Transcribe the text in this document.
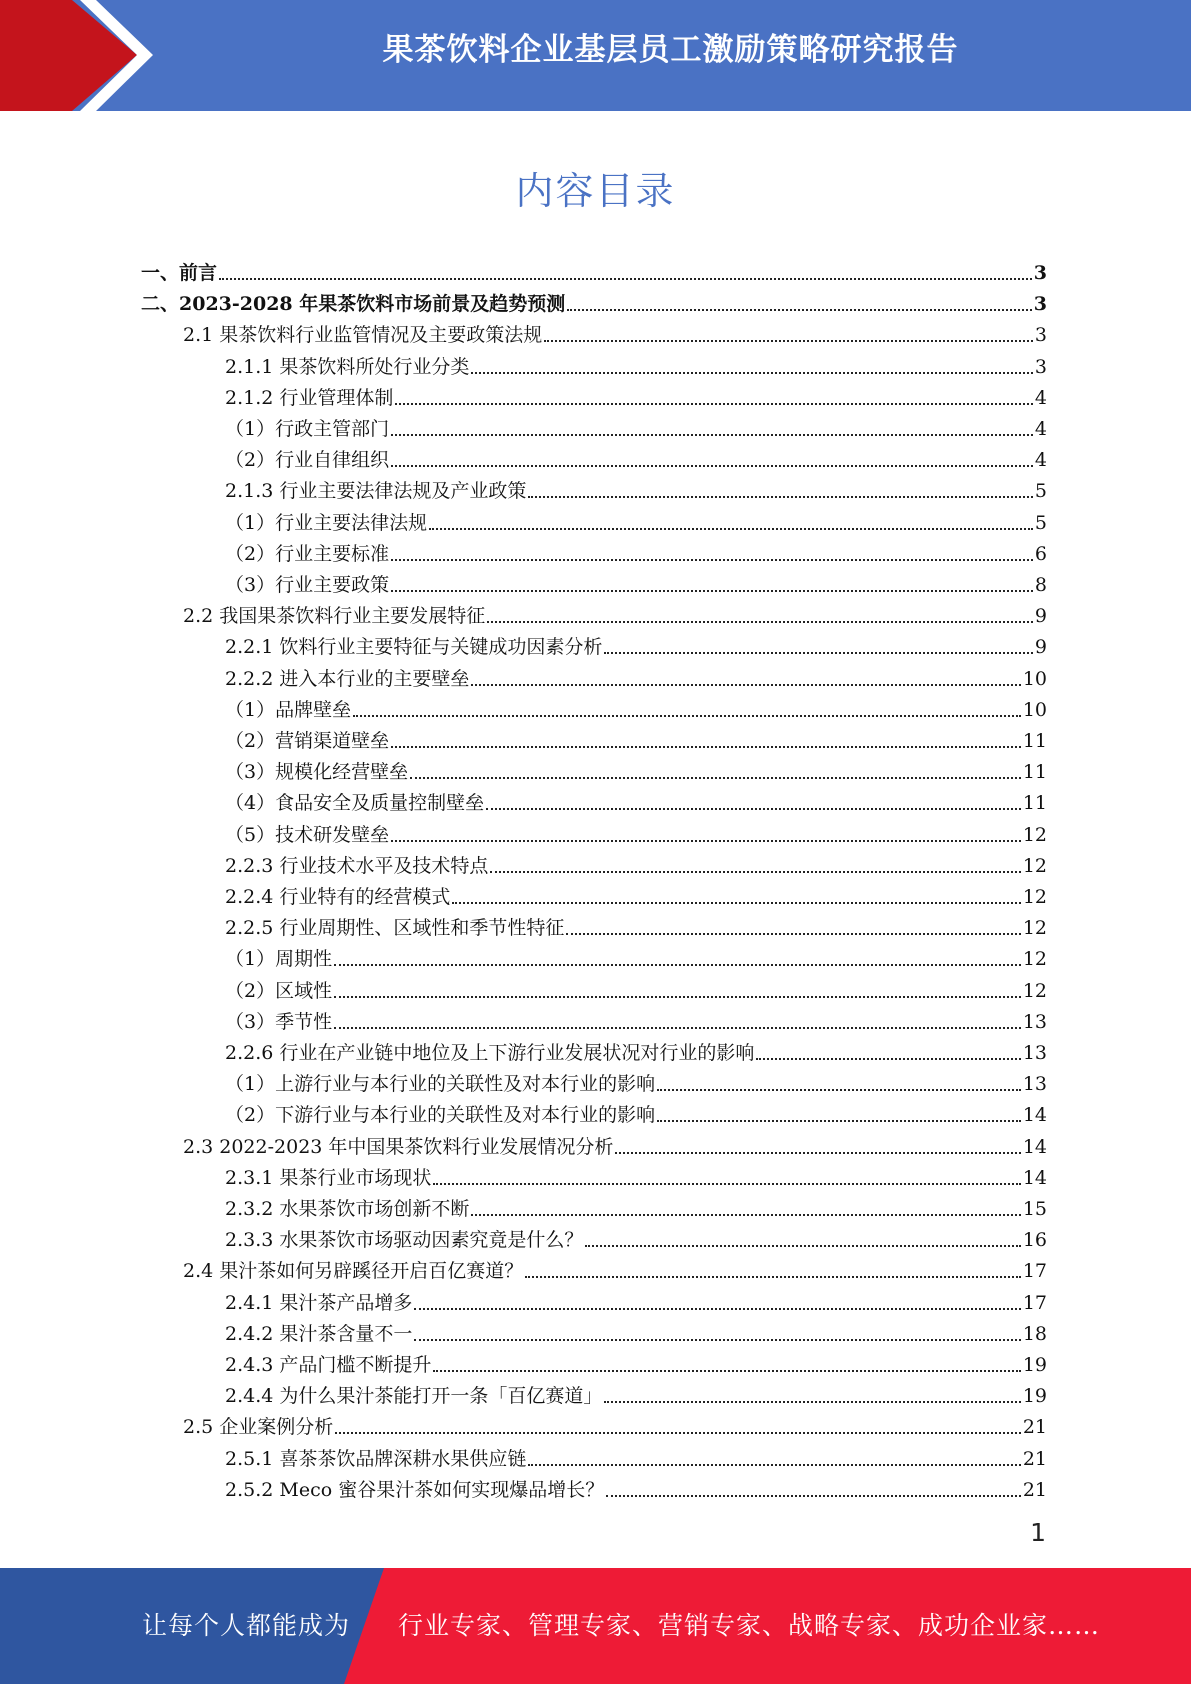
果茶饮料企业基层员工激励策略研究报告
内容目录
一、前言	3
二、2023-2028 年果茶饮料市场前景及趋势预测	3
2.1 果茶饮料行业监管情况及主要政策法规	3
2.1.1 果茶饮料所处行业分类	3
2.1.2 行业管理体制	4
（1）行政主管部门	4
（2）行业自律组织	4
2.1.3 行业主要法律法规及产业政策	5
（1）行业主要法律法规	5
（2）行业主要标准	6
（3）行业主要政策	8
2.2 我国果茶饮料行业主要发展特征	9
2.2.1 饮料行业主要特征与关键成功因素分析	9
2.2.2 进入本行业的主要壁垒	10
（1）品牌壁垒	10
（2）营销渠道壁垒	11
（3）规模化经营壁垒	11
（4）食品安全及质量控制壁垒	11
（5）技术研发壁垒	12
2.2.3 行业技术水平及技术特点	12
2.2.4 行业特有的经营模式	12
2.2.5 行业周期性、区域性和季节性特征	12
（1）周期性	12
（2）区域性	12
（3）季节性	13
2.2.6 行业在产业链中地位及上下游行业发展状况对行业的影响	13
（1）上游行业与本行业的关联性及对本行业的影响	13
（2）下游行业与本行业的关联性及对本行业的影响	14
2.3 2022-2023 年中国果茶饮料行业发展情况分析	14
2.3.1 果茶行业市场现状	14
2.3.2 水果茶饮市场创新不断	15
2.3.3 水果茶饮市场驱动因素究竟是什么？	16
2.4 果汁茶如何另辟蹊径开启百亿赛道？	17
2.4.1 果汁茶产品增多	17
2.4.2 果汁茶含量不一	18
2.4.3 产品门槛不断提升	19
2.4.4 为什么果汁茶能打开一条「百亿赛道」	19
2.5 企业案例分析	21
2.5.1 喜茶茶饮品牌深耕水果供应链	21
2.5.2 Meco 蜜谷果汁茶如何实现爆品增长？	21
1
让每个人都能成为 行业专家、管理专家、营销专家、战略专家、成功企业家……
